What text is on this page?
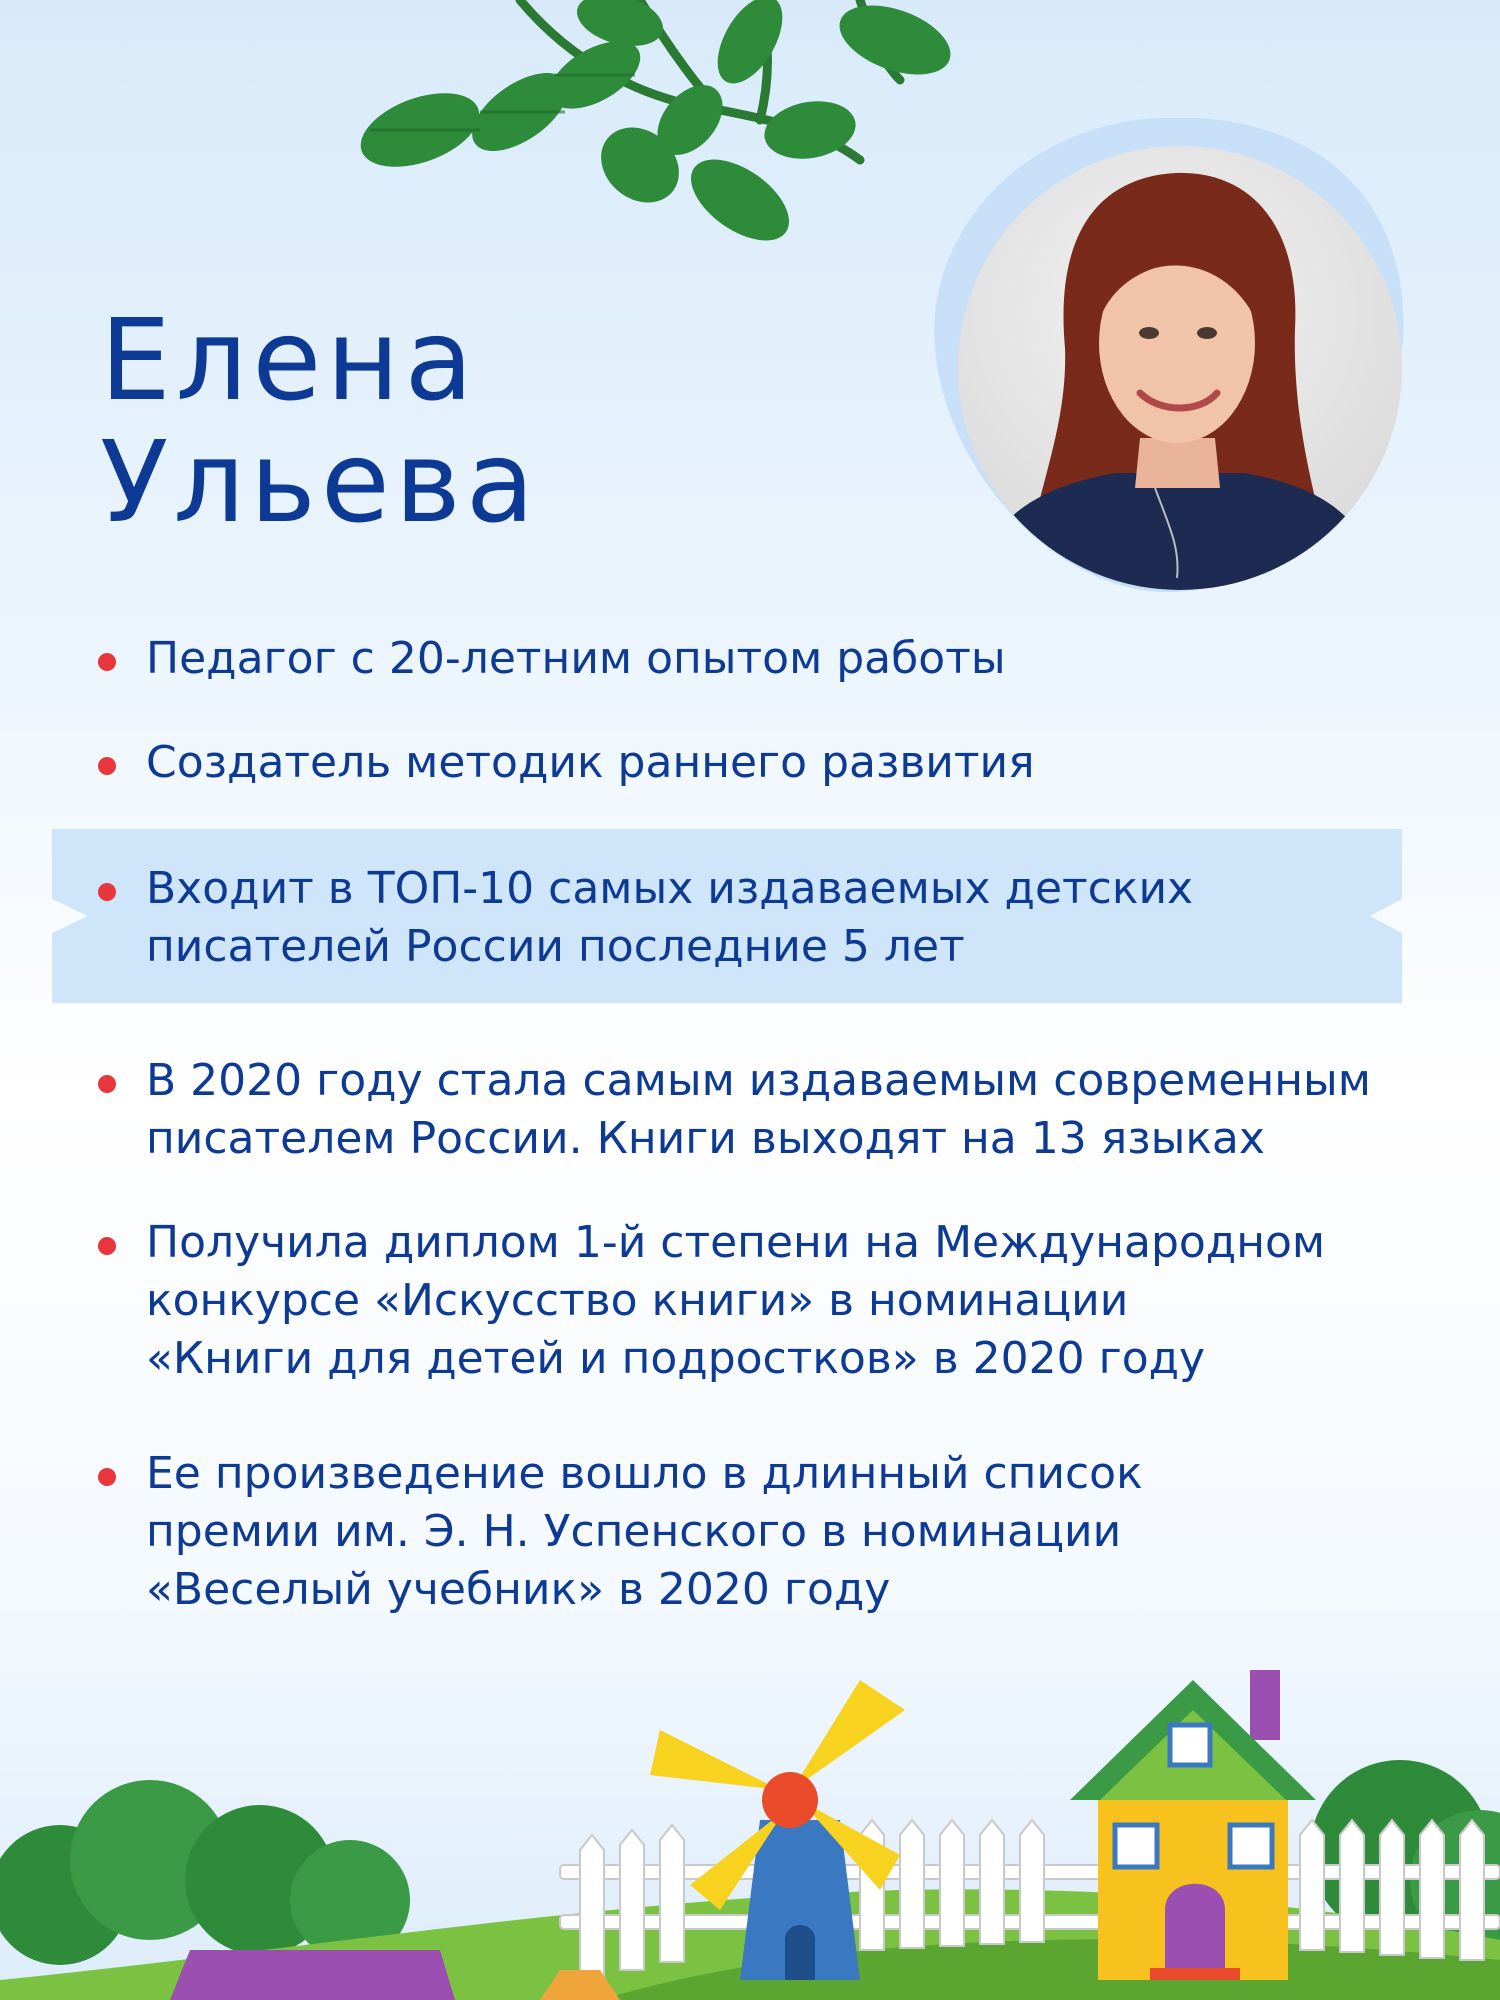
Елена
Ульева
Педагог с 20-летним опытом работы
Создатель методик раннего развития
Входит в ТОП-10 самых издаваемых детских
писателей России последние 5 лет
В 2020 году стала самым издаваемым современным
писателем России. Книги выходят на 13 языках
Получила диплом 1-й степени на Международном
конкурсе «Искусство книги» в номинации
«Книги для детей и подростков» в 2020 году
Ее произведение вошло в длинный список
премии им. Э. Н. Успенского в номинации
«Веселый учебник» в 2020 году
